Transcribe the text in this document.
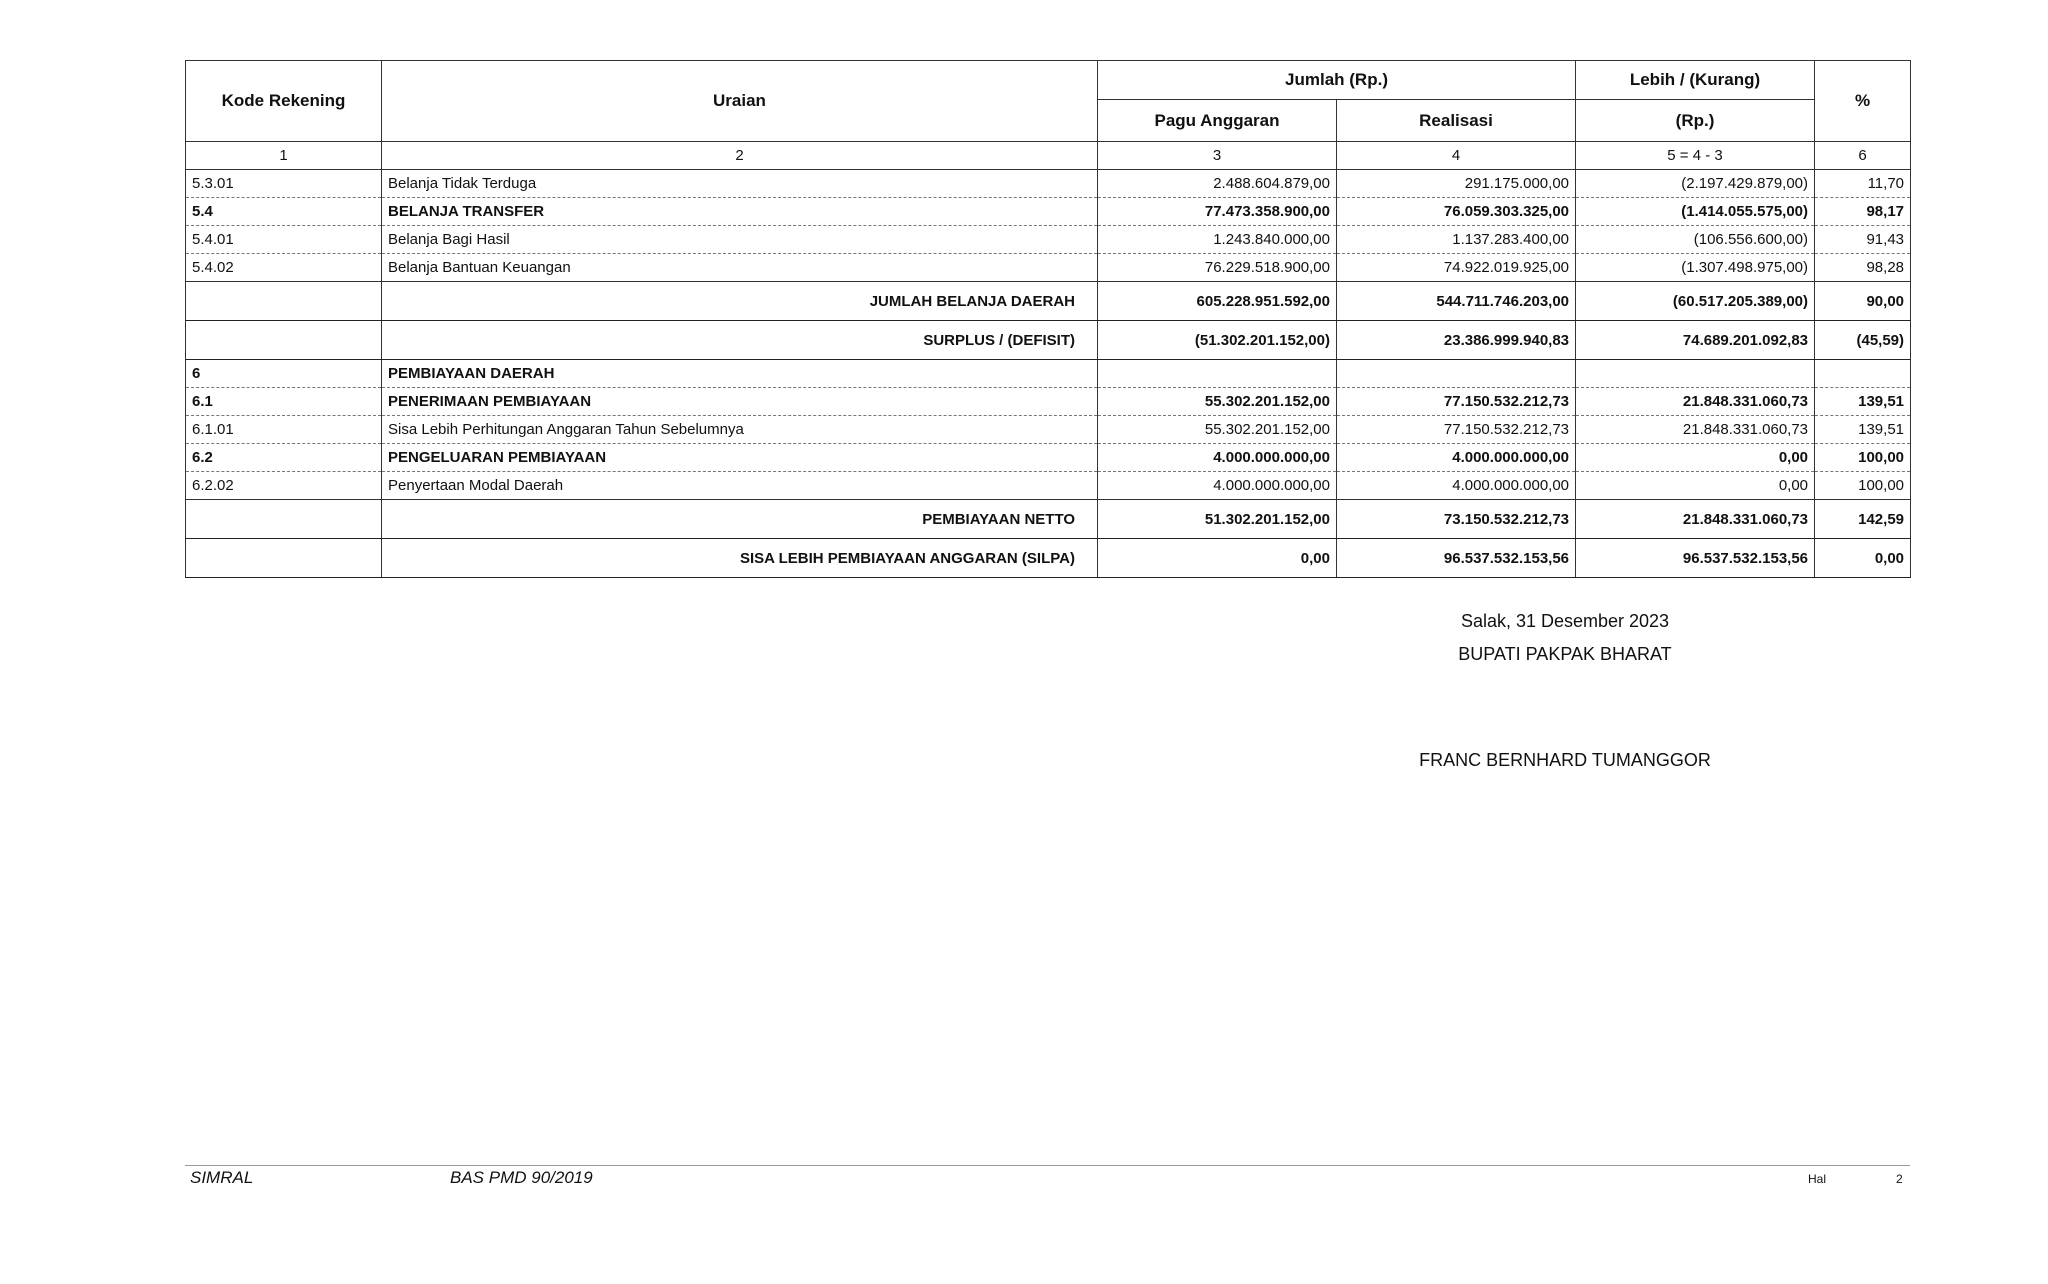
Kode Rekening	Uraian	Jumlah (Rp.)		Lebih / (Kurang)	%
		Pagu Anggaran	Realisasi	(Rp.)	
1	2	3	4	5 = 4 - 3	6
5.3.01	Belanja Tidak Terduga	2.488.604.879,00	291.175.000,00	(2.197.429.879,00)	11,70
5.4	BELANJA TRANSFER	77.473.358.900,00	76.059.303.325,00	(1.414.055.575,00)	98,17
5.4.01	Belanja Bagi Hasil	1.243.840.000,00	1.137.283.400,00	(106.556.600,00)	91,43
5.4.02	Belanja Bantuan Keuangan	76.229.518.900,00	74.922.019.925,00	(1.307.498.975,00)	98,28
	JUMLAH BELANJA DAERAH	605.228.951.592,00	544.711.746.203,00	(60.517.205.389,00)	90,00
	SURPLUS / (DEFISIT)	(51.302.201.152,00)	23.386.999.940,83	74.689.201.092,83	(45,59)
6	PEMBIAYAAN DAERAH				
6.1	PENERIMAAN PEMBIAYAAN	55.302.201.152,00	77.150.532.212,73	21.848.331.060,73	139,51
6.1.01	Sisa Lebih Perhitungan Anggaran Tahun Sebelumnya	55.302.201.152,00	77.150.532.212,73	21.848.331.060,73	139,51
6.2	PENGELUARAN PEMBIAYAAN	4.000.000.000,00	4.000.000.000,00	0,00	100,00
6.2.02	Penyertaan Modal Daerah	4.000.000.000,00	4.000.000.000,00	0,00	100,00
	PEMBIAYAAN NETTO	51.302.201.152,00	73.150.532.212,73	21.848.331.060,73	142,59
	SISA LEBIH PEMBIAYAAN ANGGARAN (SILPA)	0,00	96.537.532.153,56	96.537.532.153,56	0,00
Salak, 31 Desember 2023
BUPATI PAKPAK BHARAT
FRANC BERNHARD TUMANGGOR
SIMRAL	BAS PMD 90/2019	Hal	2
